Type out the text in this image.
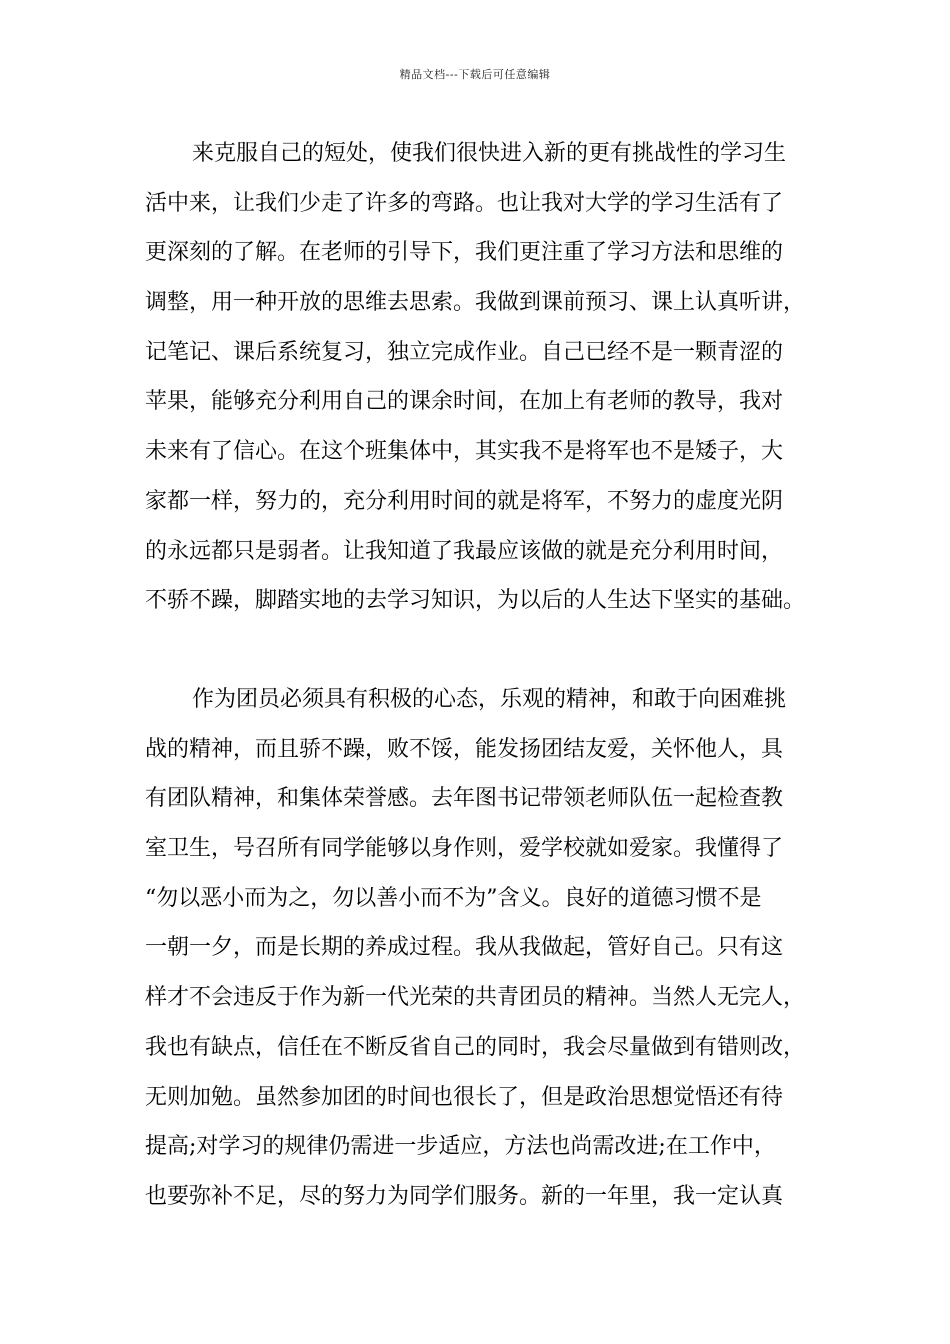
精品文档---下载后可任意编辑
来克服自己的短处，使我们很快进入新的更有挑战性的学习生
活中来，让我们少走了许多的弯路。也让我对大学的学习生活有了
更深刻的了解。在老师的引导下，我们更注重了学习方法和思维的
调整，用一种开放的思维去思索。我做到课前预习、课上认真听讲，
记笔记、课后系统复习，独立完成作业。自己已经不是一颗青涩的
苹果，能够充分利用自己的课余时间，在加上有老师的教导，我对
未来有了信心。在这个班集体中，其实我不是将军也不是矮子，大
家都一样，努力的，充分利用时间的就是将军，不努力的虚度光阴
的永远都只是弱者。让我知道了我最应该做的就是充分利用时间，
不骄不躁，脚踏实地的去学习知识，为以后的人生达下坚实的基础。
作为团员必须具有积极的心态，乐观的精神，和敢于向困难挑
战的精神，而且骄不躁，败不馁，能发扬团结友爱，关怀他人，具
有团队精神，和集体荣誉感。去年图书记带领老师队伍一起检查教
室卫生，号召所有同学能够以身作则，爱学校就如爱家。我懂得了
“勿以恶小而为之，勿以善小而不为”含义。良好的道德习惯不是
一朝一夕，而是长期的养成过程。我从我做起，管好自己。只有这
样才不会违反于作为新一代光荣的共青团员的精神。当然人无完人，
我也有缺点，信任在不断反省自己的同时，我会尽量做到有错则改，
无则加勉。虽然参加团的时间也很长了，但是政治思想觉悟还有待
提高;对学习的规律仍需进一步适应，方法也尚需改进;在工作中，
也要弥补不足，尽的努力为同学们服务。新的一年里，我一定认真
